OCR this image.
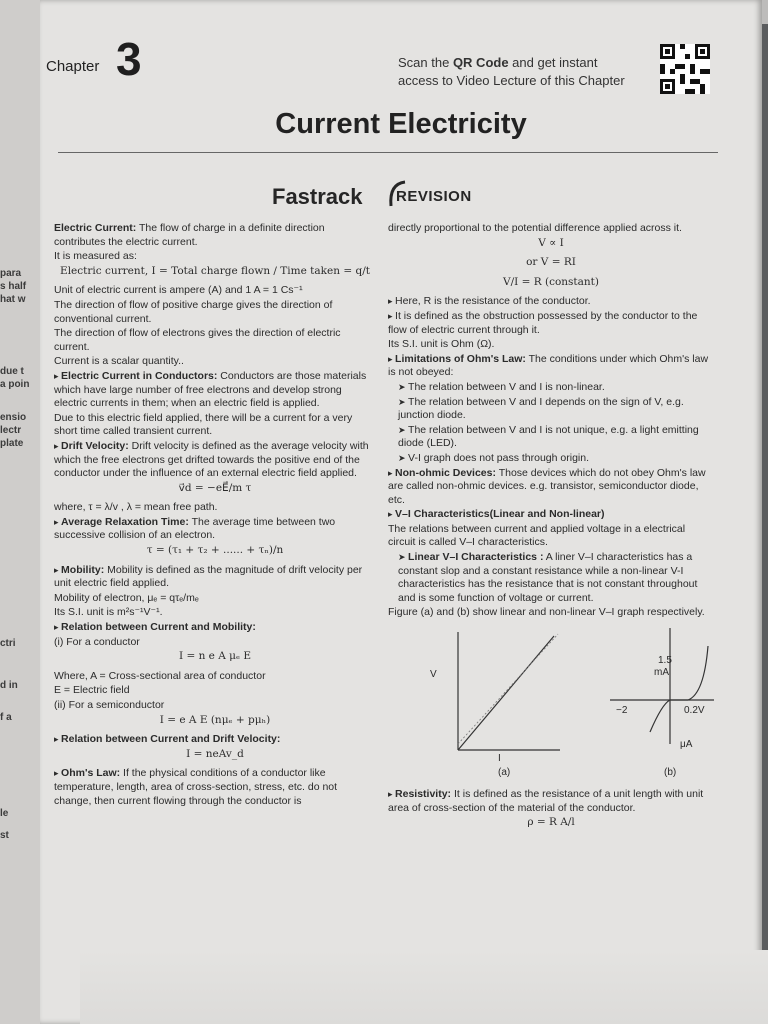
para
s half
hat w
due t
a poin
ensio
lectr
plate
ctri
d in
f a
le
st
Chapter 3	Scan the QR Code and get instant
access to Video Lecture of this Chapter
Current Electricity
Fastrack REVISION

Electric Current: The flow of charge in a definite direction contributes the electric current.

It is measured as:

Electric current, I = Total charge flown / Time taken = q/t

Unit of electric current is ampere (A) and 1 A = 1 Cs⁻¹

The direction of flow of positive charge gives the direction of conventional current.

The direction of flow of electrons gives the direction of electric current.

Current is a scalar quantity..

▸ Electric Current in Conductors: Conductors are those materials which have large number of free electrons and develop strong electric currents in them; when an electric field is applied.

Due to this electric field applied, there will be a current for a very short time called transient current.

▸ Drift Velocity: Drift velocity is defined as the average velocity with which the free electrons get drifted towards the positive end of the conductor under the influence of an external electric field applied.

v⃗d = −eE⃗/m τ

where, τ = λ/v , λ = mean free path.

▸ Average Relaxation Time: The average time between two successive collision of an electron.

τ = (τ₁ + τ₂ + ...... + τₙ)/n

▸ Mobility: Mobility is defined as the magnitude of drift velocity per unit electric field applied.

Mobility of electron, μₑ = qτₑ/mₑ

Its S.I. unit is m²s⁻¹V⁻¹.

▸ Relation between Current and Mobility:

(i) For a conductor

I = n e A μₑ E

Where, A = Cross-sectional area of conductor

E = Electric field

(ii) For a semiconductor

I = e A E (nμₑ + pμₕ)

▸ Relation between Current and Drift Velocity:

I = neAv_d

▸ Ohm's Law: If the physical conditions of a conductor like temperature, length, area of cross-section, stress, etc. do not change, then current flowing through the conductor is

directly proportional to the potential difference applied across it.

V ∝ I

or V = RI

V/I = R (constant)

▸ Here, R is the resistance of the conductor.

▸ It is defined as the obstruction possessed by the conductor to the flow of electric current through it.

Its S.I. unit is Ohm (Ω).

▸ Limitations of Ohm's Law: The conditions under which Ohm's law is not obeyed:

➤ The relation between V and I is non-linear.

➤ The relation between V and I depends on the sign of V, e.g. junction diode.

➤ The relation between V and I is not unique, e.g. a light emitting diode (LED).

➤ V-I graph does not pass through origin.

▸ Non-ohmic Devices: Those devices which do not obey Ohm's law are called non-ohmic devices. e.g. transistor, semiconductor diode, etc.

▸ V–I Characteristics(Linear and Non-linear)

The relations between current and applied voltage in a electrical circuit is called V–I characteristics.

➤ Linear V–I Characteristics : A liner V–I characteristics has a constant slop and a constant resistance while a non-linear V-I characteristics has the resistance that is not constant throughout and is some function of voltage or current.

Figure (a) and (b) show linear and non-linear V–I graph respectively.

V
I
(a)
1.5
mA
−2	0.2V
μA
(b)

▸ Resistivity: It is defined as the resistance of a unit length with unit area of cross-section of the material of the conductor.

ρ = R A/l
